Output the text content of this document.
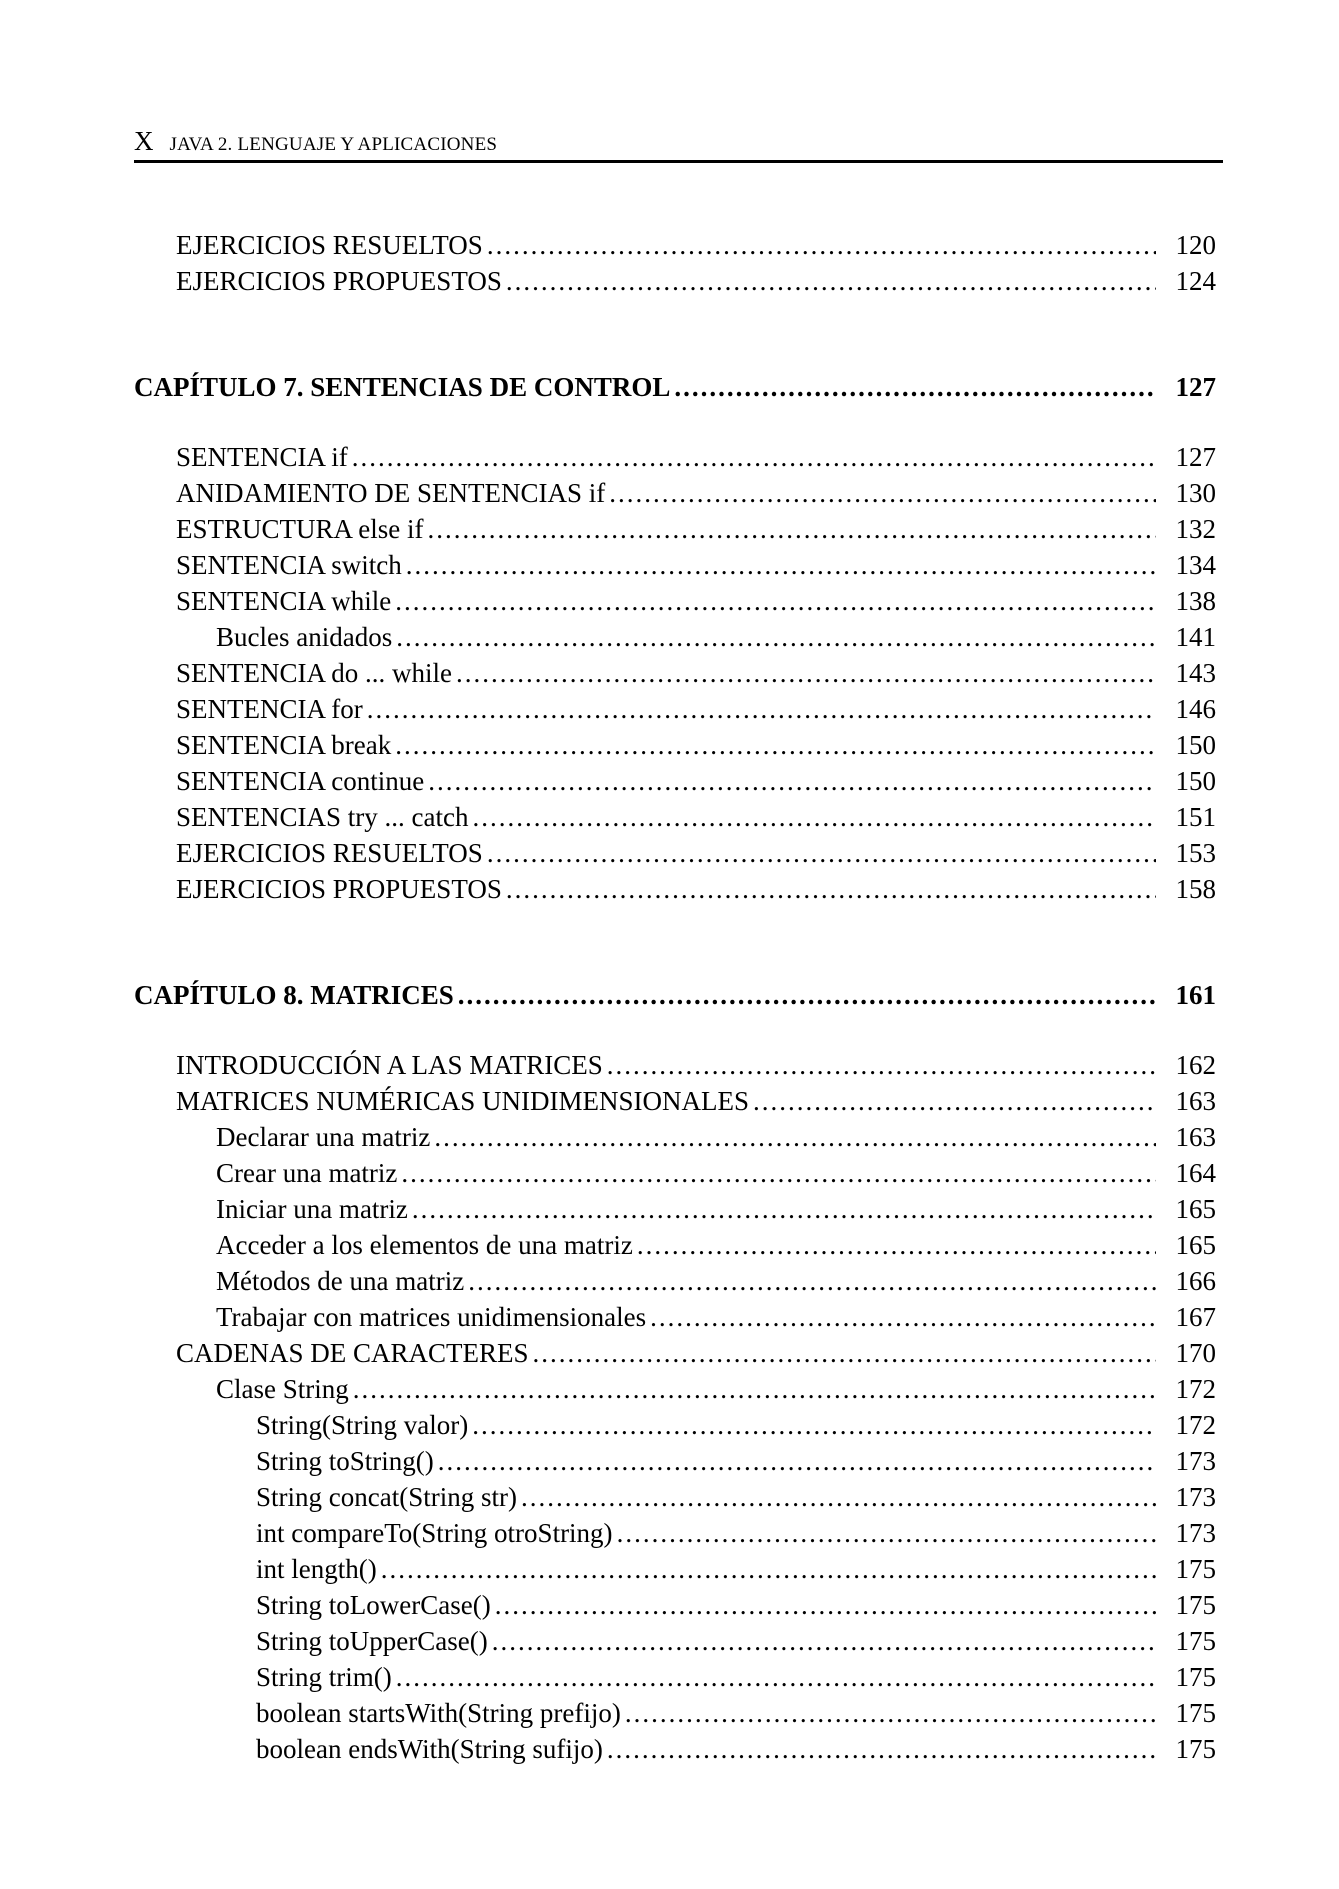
X JAVA 2. LENGUAJE Y APLICACIONES
EJERCICIOS RESUELTOS .....	120
EJERCICIOS PROPUESTOS .....	124
CAPÍTULO 7. SENTENCIAS DE CONTROL .....	127
SENTENCIA if .....	127
ANIDAMIENTO DE SENTENCIAS if .....	130
ESTRUCTURA else if .....	132
SENTENCIA switch .....	134
SENTENCIA while .....	138
Bucles anidados .....	141
SENTENCIA do ... while .....	143
SENTENCIA for .....	146
SENTENCIA break .....	150
SENTENCIA continue .....	150
SENTENCIAS try ... catch .....	151
EJERCICIOS RESUELTOS .....	153
EJERCICIOS PROPUESTOS .....	158
CAPÍTULO 8. MATRICES .....	161
INTRODUCCIÓN A LAS MATRICES .....	162
MATRICES NUMÉRICAS UNIDIMENSIONALES .....	163
Declarar una matriz .....	163
Crear una matriz .....	164
Iniciar una matriz .....	165
Acceder a los elementos de una matriz .....	165
Métodos de una matriz .....	166
Trabajar con matrices unidimensionales .....	167
CADENAS DE CARACTERES .....	170
Clase String .....	172
String(String valor) .....	172
String toString() .....	173
String concat(String str) .....	173
int compareTo(String otroString) .....	173
int length() .....	175
String toLowerCase() .....	175
String toUpperCase() .....	175
String trim() .....	175
boolean startsWith(String prefijo) .....	175
boolean endsWith(String sufijo) .....	175
